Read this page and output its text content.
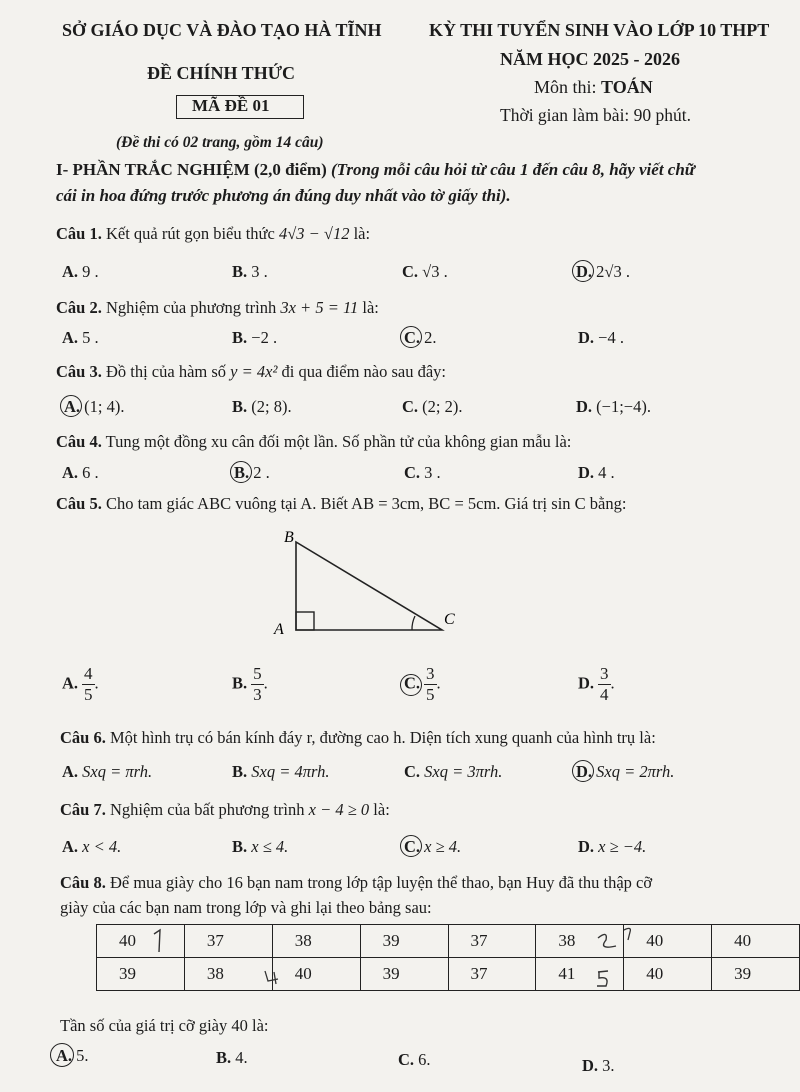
SỞ GIÁO DỤC VÀ ĐÀO TẠO HÀ TĨNH	KỲ THI TUYỂN SINH VÀO LỚP 10 THPT
ĐỀ CHÍNH THỨC
NĂM HỌC 2025 - 2026
Môn thi: TOÁN
MÃ ĐỀ 01	Thời gian làm bài: 90 phút.
(Đề thi có 02 trang, gồm 14 câu)
I- PHẦN TRẮC NGHIỆM (2,0 điểm) (Trong mỗi câu hỏi từ câu 1 đến câu 8, hãy viết chữ
cái in hoa đứng trước phương án đúng duy nhất vào tờ giấy thi).
Câu 1. Kết quả rút gọn biểu thức 4√3 − √12 là:
A. 9 .	B. 3 .	C. √3 .	D. 2√3 .
Câu 2. Nghiệm của phương trình 3x + 5 = 11 là:
A. 5 .	B. −2 .	C. 2.	D. −4 .
Câu 3. Đồ thị của hàm số y = 4x² đi qua điểm nào sau đây:
A. (1; 4).	B. (2; 8).	C. (2; 2).	D. (−1;−4).
Câu 4. Tung một đồng xu cân đối một lần. Số phần tử của không gian mẫu là:
A. 6 .	B. 2 .	C. 3 .	D. 4 .
Câu 5. Cho tam giác ABC vuông tại A. Biết AB = 3cm, BC = 5cm. Giá trị sin C bằng:
B
A
C
A. $\frac{4}{5}$ .	B. $\frac{5}{3}$ .	C. $\frac{3}{5}$ .	D. $\frac{3}{4}$ .
Câu 6. Một hình trụ có bán kính đáy r, đường cao h. Diện tích xung quanh của hình trụ là:
A. Sxq = πrh.	B. Sxq = 4πrh.	C. Sxq = 3πrh.	D. Sxq = 2πrh.
Câu 7. Nghiệm của bất phương trình x − 4 ≥ 0 là:
A. x < 4.	B. x ≤ 4.	C. x ≥ 4.	D. x ≥ −4.
Câu 8. Để mua giày cho 16 bạn nam trong lớp tập luyện thể thao, bạn Huy đã thu thập cỡ
giày của các bạn nam trong lớp và ghi lại theo bảng sau:
40	37	38	39	37	38	40	40
39	38	40	39	37	41	40	39
Tần số của giá trị cỡ giày 40 là:
A. 5.	B. 4.	C. 6.	D. 3.
